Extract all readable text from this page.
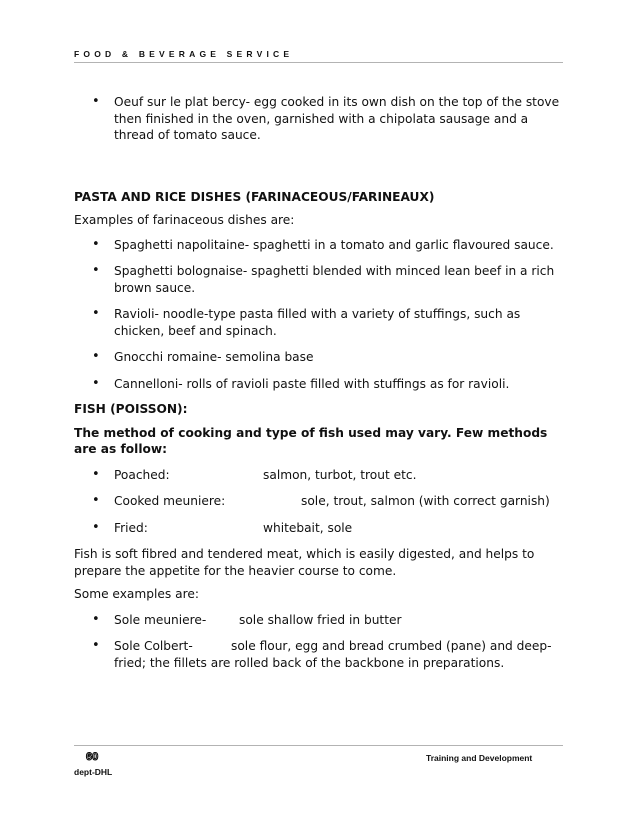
FOOD & BEVERAGE SERVICE
• Oeuf sur le plat bercy- egg cooked in its own dish on the top of the stove then finished in the oven, garnished with a chipolata sausage and a thread of tomato sauce.
PASTA AND RICE DISHES (FARINACEOUS/FARINEAUX)
Examples of farinaceous dishes are:
• Spaghetti napolitaine- spaghetti in a tomato and garlic flavoured sauce.
• Spaghetti bolognaise- spaghetti blended with minced lean beef in a rich brown sauce.
• Ravioli- noodle-type pasta filled with a variety of stuffings, such as chicken, beef and spinach.
• Gnocchi romaine- semolina base
• Cannelloni- rolls of ravioli paste filled with stuffings as for ravioli.
FISH (POISSON):
The method of cooking and type of fish used may vary. Few methods are as follow:
• Poached:	salmon, turbot, trout etc.
• Cooked meuniere:	sole, trout, salmon (with correct garnish)
• Fried:	whitebait, sole
Fish is soft fibred and tendered meat, which is easily digested, and helps to prepare the appetite for the heavier course to come.
Some examples are:
• Sole meuniere-	sole shallow fried in butter
• Sole Colbert-	sole flour, egg and bread crumbed (pane) and deep-fried; the fillets are rolled back of the backbone in preparations.
60	Training and Development
dept-DHL
